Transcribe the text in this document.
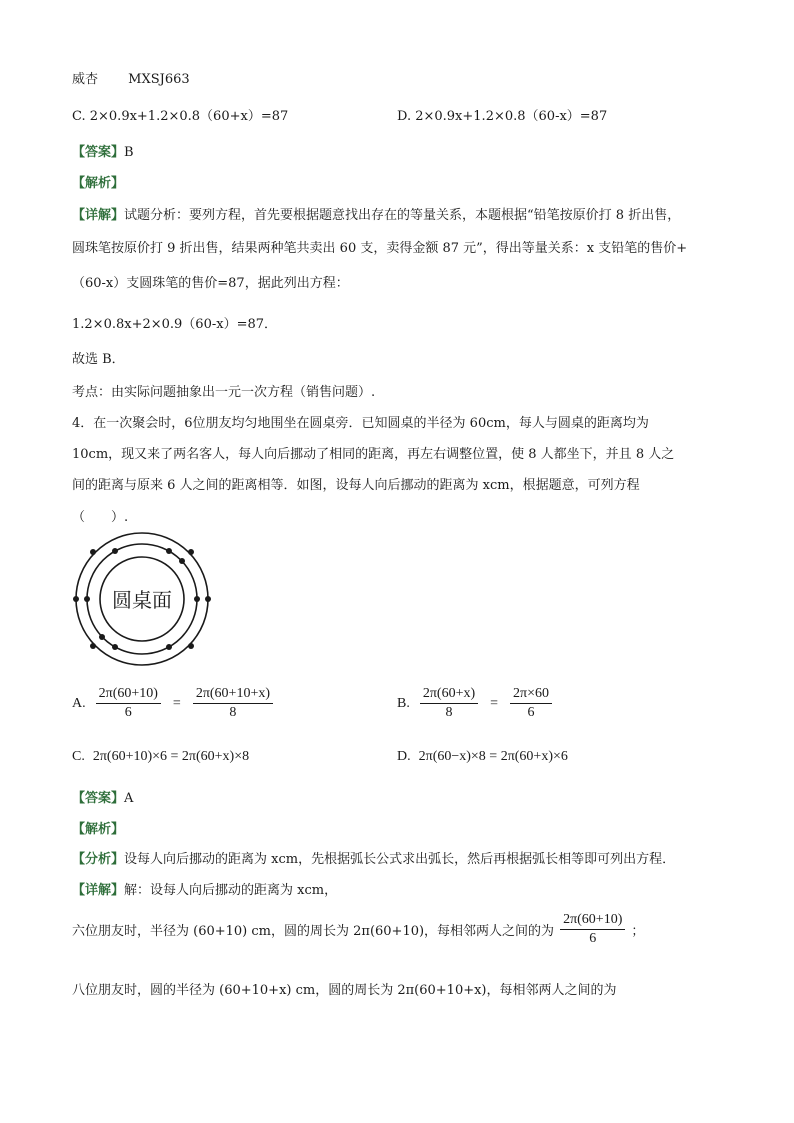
威杏 MXSJ663
C. 2×0.9x+1.2×0.8（60+x）=87	D. 2×0.9x+1.2×0.8（60-x）=87
【答案】B
【解析】
【详解】试题分析：要列方程，首先要根据题意找出存在的等量关系，本题根据“铅笔按原价打 8 折出售，
圆珠笔按原价打 9 折出售，结果两种笔共卖出 60 支，卖得金额 87 元”，得出等量关系：x 支铅笔的售价+
（60-x）支圆珠笔的售价=87，据此列出方程：
1.2×0.8x+2×0.9（60-x）=87．
故选 B．
考点：由实际问题抽象出一元一次方程（销售问题）.
4．在一次聚会时，6位朋友均匀地围坐在圆桌旁．已知圆桌的半径为 60cm，每人与圆桌的距离均为
10cm，现又来了两名客人，每人向后挪动了相同的距离，再左右调整位置，使 8 人都坐下，并且 8 人之
间的距离与原来 6 人之间的距离相等．如图，设每人向后挪动的距离为 xcm，根据题意，可列方程
（　　）.
圆桌面
A. $\frac{2\pi(60+10)}{6} = \frac{2\pi(60+10+x)}{8}$	B. $\frac{2\pi(60+x)}{8} = \frac{2\pi\times 60}{6}$
C. 2π(60+10)×6 = 2π(60+x)×8	D. 2π(60−x)×8 = 2π(60+x)×6
【答案】A
【解析】
【分析】设每人向后挪动的距离为 xcm，先根据弧长公式求出弧长，然后再根据弧长相等即可列出方程．
【详解】解：设每人向后挪动的距离为 xcm，
六位朋友时，半径为 (60+10) cm，圆的周长为 2π(60+10)，每相邻两人之间的为 $\frac{2\pi(60+10)}{6}$ ；
八位朋友时，圆的半径为 (60+10+x) cm，圆的周长为 2π(60+10+x)，每相邻两人之间的为
